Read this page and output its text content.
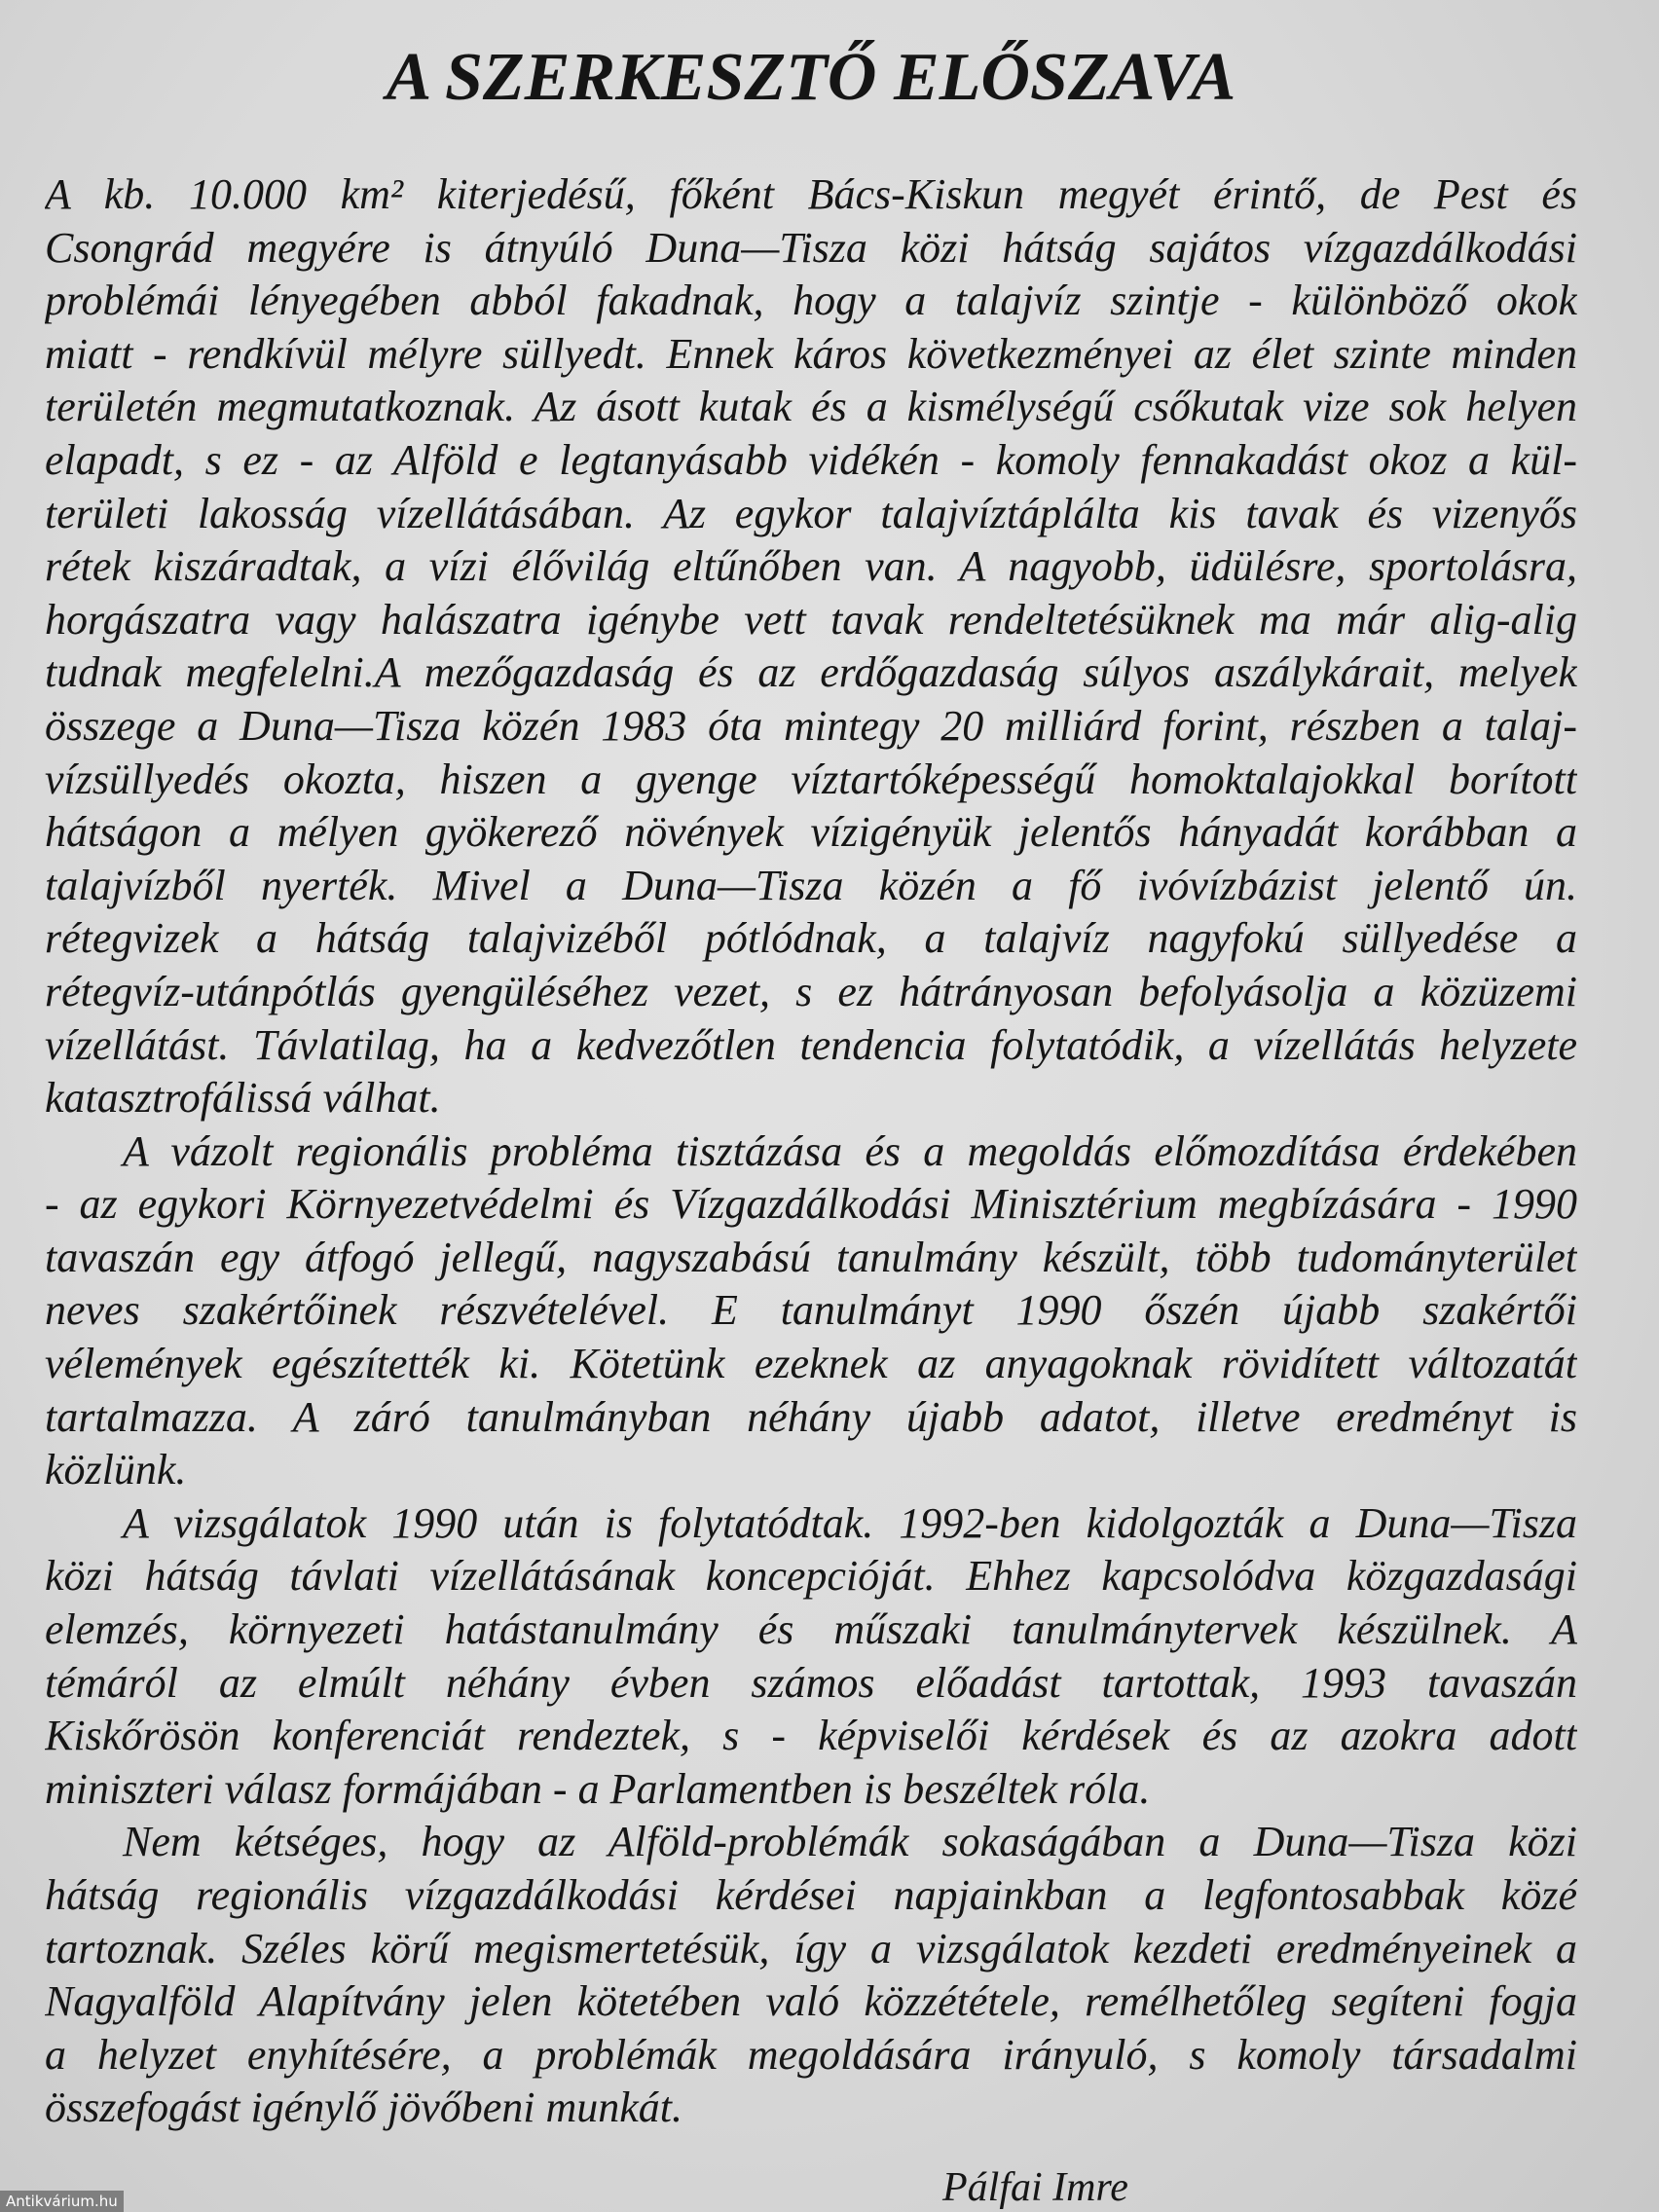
A SZERKESZTŐ ELŐSZAVA
A kb. 10.000 km² kiterjedésű, főként Bács-Kiskun megyét érintő, de Pest és
Csongrád megyére is átnyúló Duna—Tisza közi hátság sajátos vízgazdálkodási
problémái lényegében abból fakadnak, hogy a talajvíz szintje - különböző okok
miatt - rendkívül mélyre süllyedt. Ennek káros következményei az élet szinte minden
területén megmutatkoznak. Az ásott kutak és a kismélységű csőkutak vize sok helyen
elapadt, s ez - az Alföld e legtanyásabb vidékén - komoly fennakadást okoz a kül-
területi lakosság vízellátásában. Az egykor talajvíztáplálta kis tavak és vizenyős
rétek kiszáradtak, a vízi élővilág eltűnőben van. A nagyobb, üdülésre, sportolásra,
horgászatra vagy halászatra igénybe vett tavak rendeltetésüknek ma már alig-alig
tudnak megfelelni.A mezőgazdaság és az erdőgazdaság súlyos aszálykárait, melyek
összege a Duna—Tisza közén 1983 óta mintegy 20 milliárd forint, részben a talaj-
vízsüllyedés okozta, hiszen a gyenge víztartóképességű homoktalajokkal borított
hátságon a mélyen gyökerező növények vízigényük jelentős hányadát korábban a
talajvízből nyerték. Mivel a Duna—Tisza közén a fő ivóvízbázist jelentő ún.
rétegvizek a hátság talajvizéből pótlódnak, a talajvíz nagyfokú süllyedése a
rétegvíz-utánpótlás gyengüléséhez vezet, s ez hátrányosan befolyásolja a közüzemi
vízellátást. Távlatilag, ha a kedvezőtlen tendencia folytatódik, a vízellátás helyzete
katasztrofálissá válhat.
A vázolt regionális probléma tisztázása és a megoldás előmozdítása érdekében
- az egykori Környezetvédelmi és Vízgazdálkodási Minisztérium megbízására - 1990
tavaszán egy átfogó jellegű, nagyszabású tanulmány készült, több tudományterület
neves szakértőinek részvételével. E tanulmányt 1990 őszén újabb szakértői
vélemények egészítették ki. Kötetünk ezeknek az anyagoknak rövidített változatát
tartalmazza. A záró tanulmányban néhány újabb adatot, illetve eredményt is
közlünk.
A vizsgálatok 1990 után is folytatódtak. 1992-ben kidolgozták a Duna—Tisza
közi hátság távlati vízellátásának koncepcióját. Ehhez kapcsolódva közgazdasági
elemzés, környezeti hatástanulmány és műszaki tanulmánytervek készülnek. A
témáról az elmúlt néhány évben számos előadást tartottak, 1993 tavaszán
Kiskőrösön konferenciát rendeztek, s - képviselői kérdések és az azokra adott
miniszteri válasz formájában - a Parlamentben is beszéltek róla.
Nem kétséges, hogy az Alföld-problémák sokaságában a Duna—Tisza közi
hátság regionális vízgazdálkodási kérdései napjainkban a legfontosabbak közé
tartoznak. Széles körű megismertetésük, így a vizsgálatok kezdeti eredményeinek a
Nagyalföld Alapítvány jelen kötetében való közzététele, remélhetőleg segíteni fogja
a helyzet enyhítésére, a problémák megoldására irányuló, s komoly társadalmi
összefogást igénylő jövőbeni munkát.
Pálfai Imre
Antikvárium.hu
